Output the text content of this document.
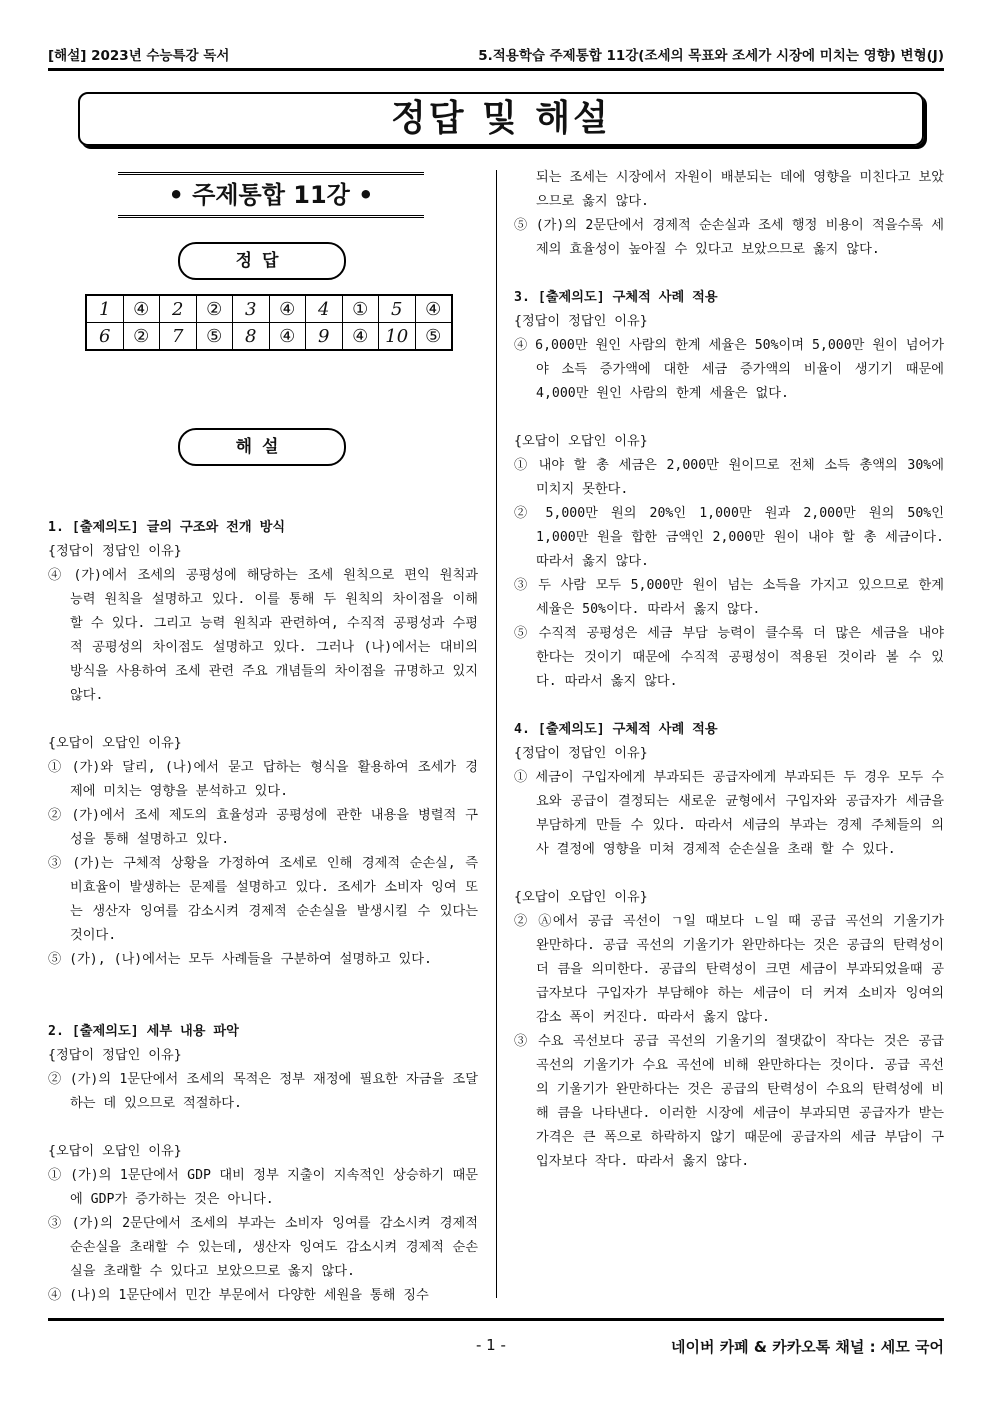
[해설] 2023년 수능특강 독서	5.적용학습 주제통합 11강(조세의 목표와 조세가 시장에 미치는 영향) 변형(J)
정답 및 해설
• 주제통합 11강 •
정답
1	④	2	②	3	④	4	①	5	④
6	②	7	⑤	8	④	9	④	10	⑤
해설
1. [출제의도] 글의 구조와 전개 방식
{정답이 정답인 이유}
④ (가)에서 조세의 공평성에 해당하는 조세 원칙으로 편익 원칙과 능력 원칙을 설명하고 있다. 이를 통해 두 원칙의 차이점을 이해할 수 있다. 그리고 능력 원칙과 관련하여, 수직적 공평성과 수평적 공평성의 차이점도 설명하고 있다. 그러나 (나)에서는 대비의 방식을 사용하여 조세 관련 주요 개념들의 차이점을 규명하고 있지 않다.
{오답이 오답인 이유}
① (가)와 달리, (나)에서 묻고 답하는 형식을 활용하여 조세가 경제에 미치는 영향을 분석하고 있다.
② (가)에서 조세 제도의 효율성과 공평성에 관한 내용을 병렬적 구성을 통해 설명하고 있다.
③ (가)는 구체적 상황을 가정하여 조세로 인해 경제적 순손실, 즉 비효율이 발생하는 문제를 설명하고 있다. 조세가 소비자 잉여 또는 생산자 잉여를 감소시켜 경제적 순손실을 발생시킬 수 있다는 것이다.
⑤ (가), (나)에서는 모두 사례들을 구분하여 설명하고 있다.
2. [출제의도] 세부 내용 파악
{정답이 정답인 이유}
② (가)의 1문단에서 조세의 목적은 정부 재정에 필요한 자금을 조달하는 데 있으므로 적절하다.
{오답이 오답인 이유}
① (가)의 1문단에서 GDP 대비 정부 지출이 지속적인 상승하기 때문에 GDP가 증가하는 것은 아니다.
③ (가)의 2문단에서 조세의 부과는 소비자 잉여를 감소시켜 경제적 순손실을 초래할 수 있는데, 생산자 잉여도 감소시켜 경제적 순손실을 초래할 수 있다고 보았으므로 옳지 않다.
④ (나)의 1문단에서 민간 부문에서 다양한 세원을 통해 징수
되는 조세는 시장에서 자원이 배분되는 데에 영향을 미친다고 보았으므로 옳지 않다.
⑤ (가)의 2문단에서 경제적 순손실과 조세 행정 비용이 적을수록 세제의 효율성이 높아질 수 있다고 보았으므로 옳지 않다.
3. [출제의도] 구체적 사례 적용
{정답이 정답인 이유}
④ 6,000만 원인 사람의 한계 세율은 50%이며 5,000만 원이 넘어가야 소득 증가액에 대한 세금 증가액의 비율이 생기기 때문에 4,000만 원인 사람의 한계 세율은 없다.
{오답이 오답인 이유}
① 내야 할 총 세금은 2,000만 원이므로 전체 소득 총액의 30%에 미치지 못한다.
② 5,000만 원의 20%인 1,000만 원과 2,000만 원의 50%인 1,000만 원을 합한 금액인 2,000만 원이 내야 할 총 세금이다. 따라서 옳지 않다.
③ 두 사람 모두 5,000만 원이 넘는 소득을 가지고 있으므로 한계 세율은 50%이다. 따라서 옳지 않다.
⑤ 수직적 공평성은 세금 부담 능력이 클수록 더 많은 세금을 내야 한다는 것이기 때문에 수직적 공평성이 적용된 것이라 볼 수 있다. 따라서 옳지 않다.
4. [출제의도] 구체적 사례 적용
{정답이 정답인 이유}
① 세금이 구입자에게 부과되든 공급자에게 부과되든 두 경우 모두 수요와 공급이 결정되는 새로운 균형에서 구입자와 공급자가 세금을 부담하게 만들 수 있다. 따라서 세금의 부과는 경제 주체들의 의사 결정에 영향을 미쳐 경제적 순손실을 초래 할 수 있다.
{오답이 오답인 이유}
② Ⓐ에서 공급 곡선이 ㄱ일 때보다 ㄴ일 때 공급 곡선의 기울기가 완만하다. 공급 곡선의 기울기가 완만하다는 것은 공급의 탄력성이 더 큼을 의미한다. 공급의 탄력성이 크면 세금이 부과되었을때 공급자보다 구입자가 부담해야 하는 세금이 더 커져 소비자 잉여의 감소 폭이 커진다. 따라서 옳지 않다.
③ 수요 곡선보다 공급 곡선의 기울기의 절댓값이 작다는 것은 공급 곡선의 기울기가 수요 곡선에 비해 완만하다는 것이다. 공급 곡선의 기울기가 완만하다는 것은 공급의 탄력성이 수요의 탄력성에 비해 큼을 나타낸다. 이러한 시장에 세금이 부과되면 공급자가 받는 가격은 큰 폭으로 하락하지 않기 때문에 공급자의 세금 부담이 구입자보다 작다. 따라서 옳지 않다.
- 1 -	네이버 카페 & 카카오톡 채널 : 세모 국어
